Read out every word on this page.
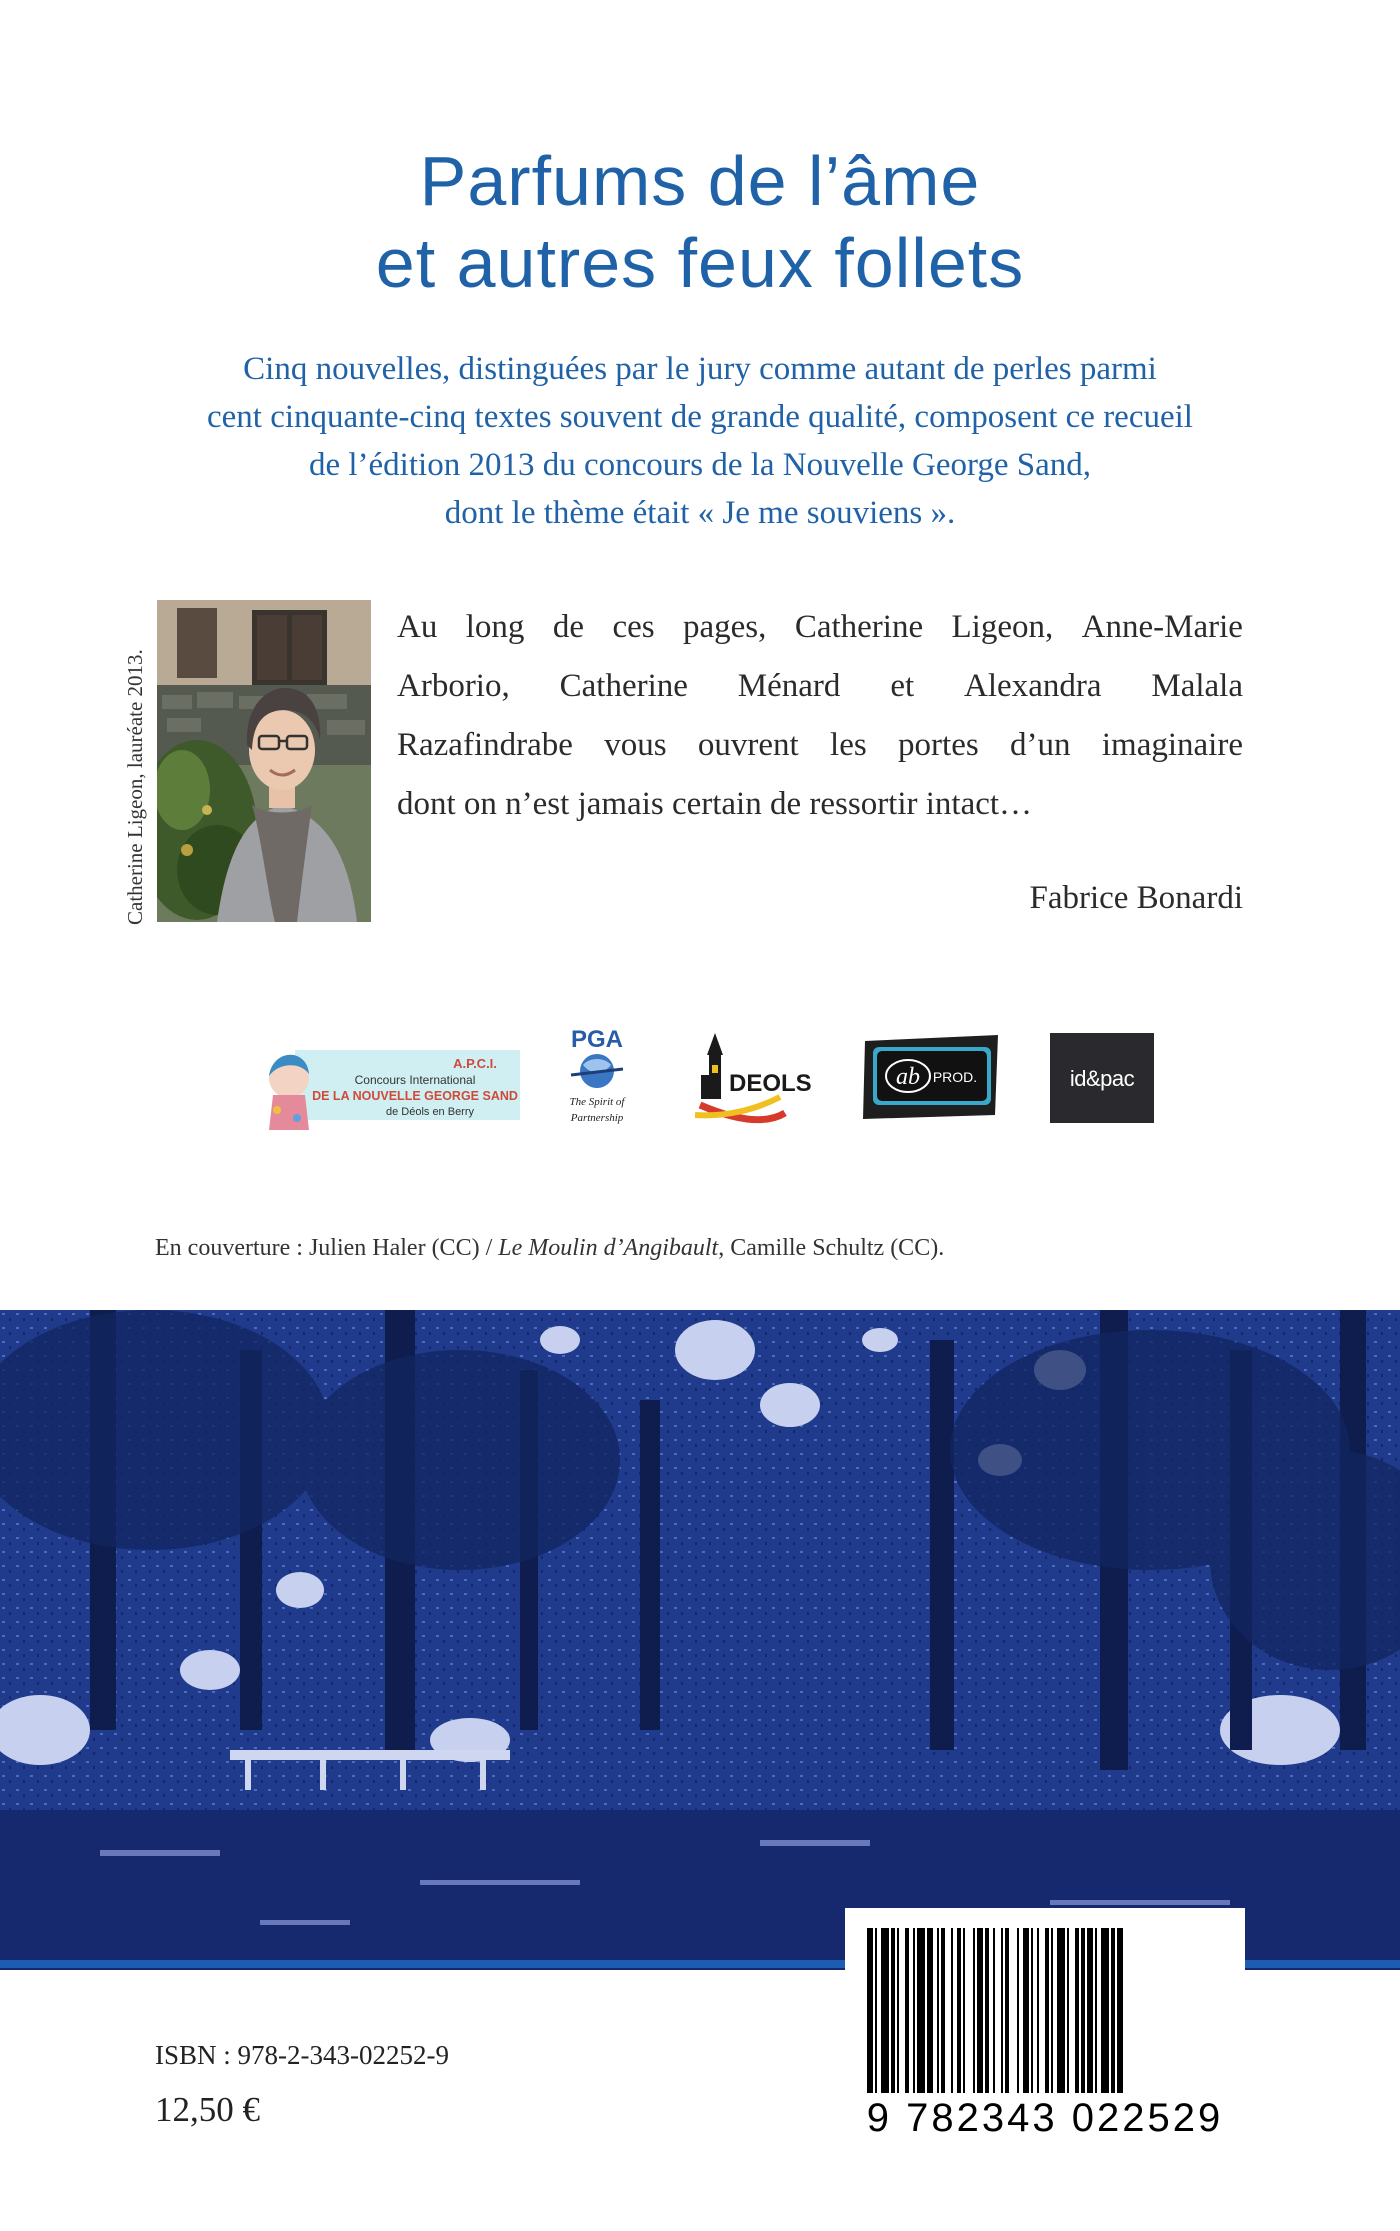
Parfums de l’âme
et autres feux follets
Cinq nouvelles, distinguées par le jury comme autant de perles parmi
cent cinquante-cinq textes souvent de grande qualité, composent ce recueil
de l’édition 2013 du concours de la Nouvelle George Sand,
dont le thème était « Je me souviens ».
Catherine Ligeon, lauréate 2013.
Au long de ces pages, Catherine Ligeon, Anne-Marie
Arborio, Catherine Ménard et Alexandra Malala
Razafindrabe vous ouvrent les portes d’un imaginaire
dont on n’est jamais certain de ressortir intact…
Fabrice Bonardi
A.P.C.I.
Concours International
DE LA NOUVELLE GEORGE SAND
de Déols en Berry
PGA
The Spirit of
Partnership
DEOLS	ab PROD.	id&pac
En couverture : Julien Haler (CC) / Le Moulin d’Angibault, Camille Schultz (CC).
ISBN : 978-2-343-02252-9
12,50 €	9 782343 022529
